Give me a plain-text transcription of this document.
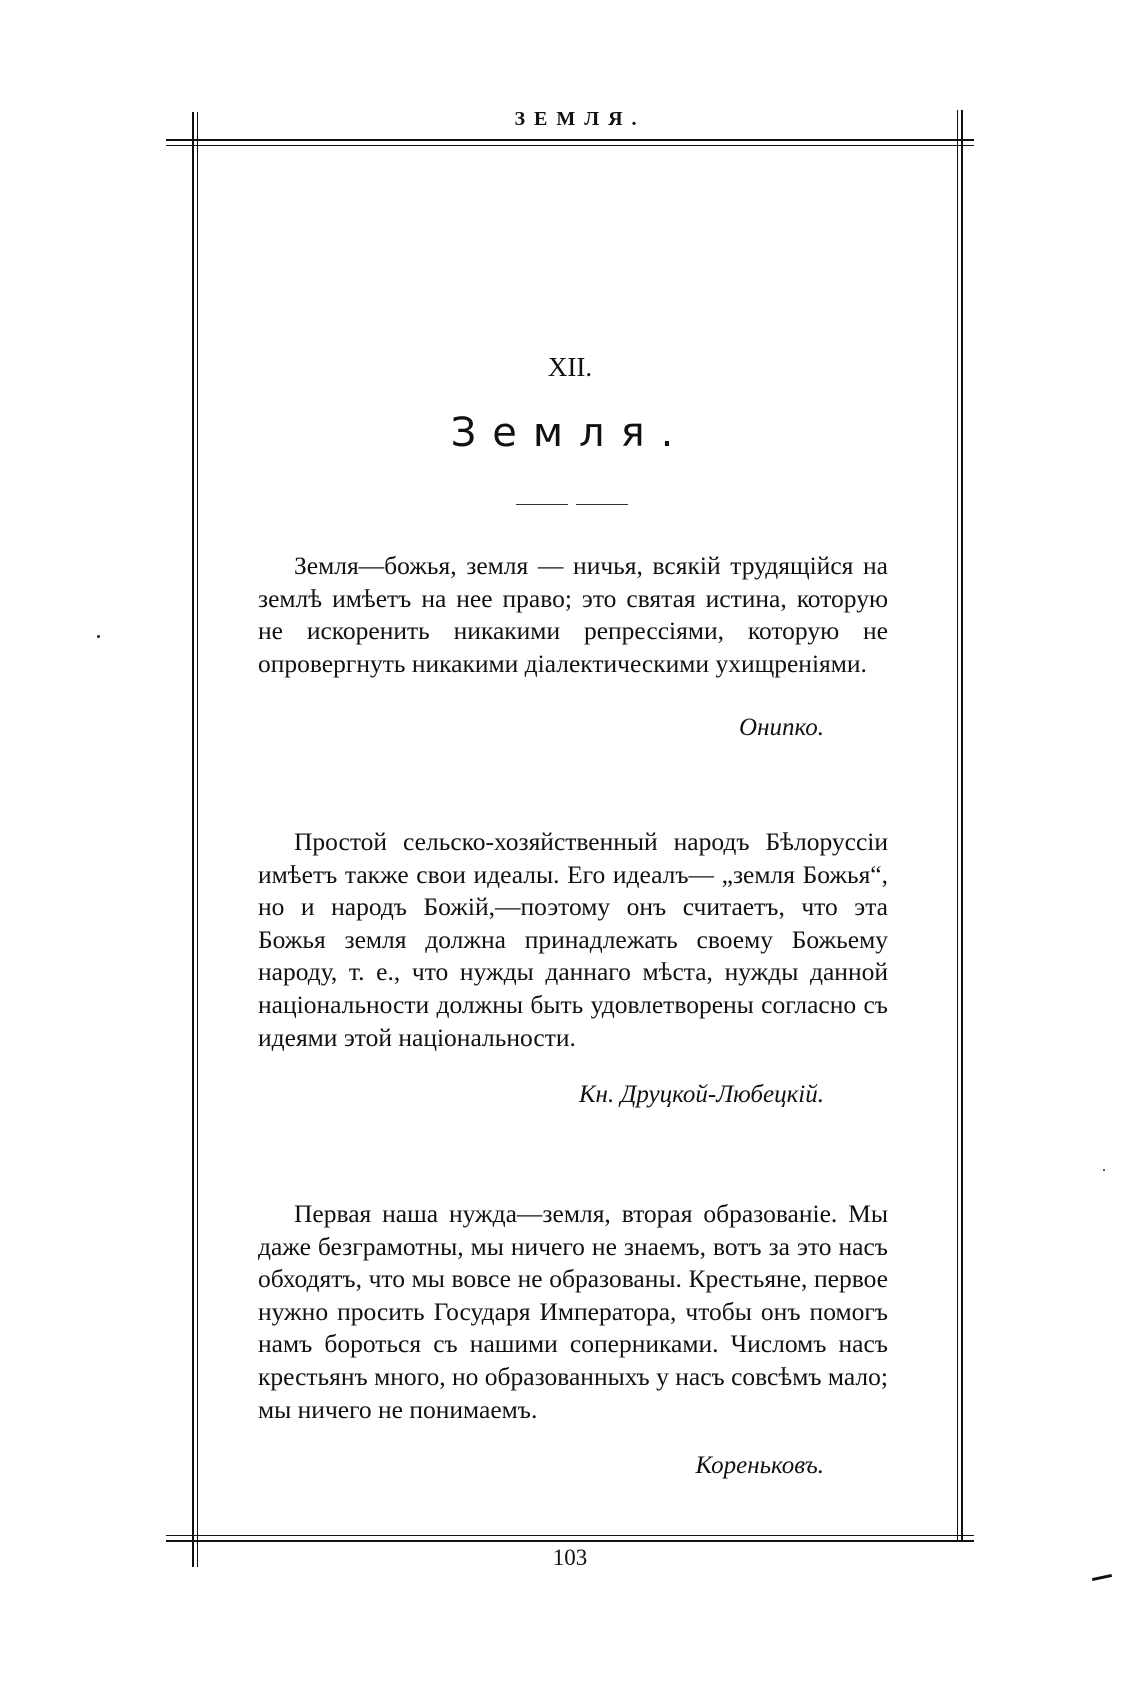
ЗЕМЛЯ.
XII.
Земля.

Земля—божья, земля — ничья, всякій трудящійся на землѣ имѣетъ на нее право; это святая истина, которую не искоренить никакими репрессіями, которую не опровергнуть никакими діалектическими ухищреніями.

Онипко.

Простой сельско-хозяйственный народъ Бѣлоруссіи имѣетъ также свои идеалы. Его идеалъ— „земля Божья“, но и народъ Божій,—поэтому онъ считаетъ, что эта Божья земля должна принадлежать своему Божьему народу, т. е., что нужды даннаго мѣста, нужды данной національности должны быть удовлетворены согласно съ идеями этой національности.

Кн. Друцкой-Любецкій.

Первая наша нужда—земля, вторая образованіе. Мы даже безграмотны, мы ничего не знаемъ, вотъ за это насъ обходятъ, что мы вовсе не образованы. Крестьяне, первое нужно просить Государя Императора, чтобы онъ помогъ намъ бороться съ нашими соперниками. Числомъ насъ крестьянъ много, но образованныхъ у насъ совсѣмъ мало; мы ничего не понимаемъ.

Кореньковъ.
103
